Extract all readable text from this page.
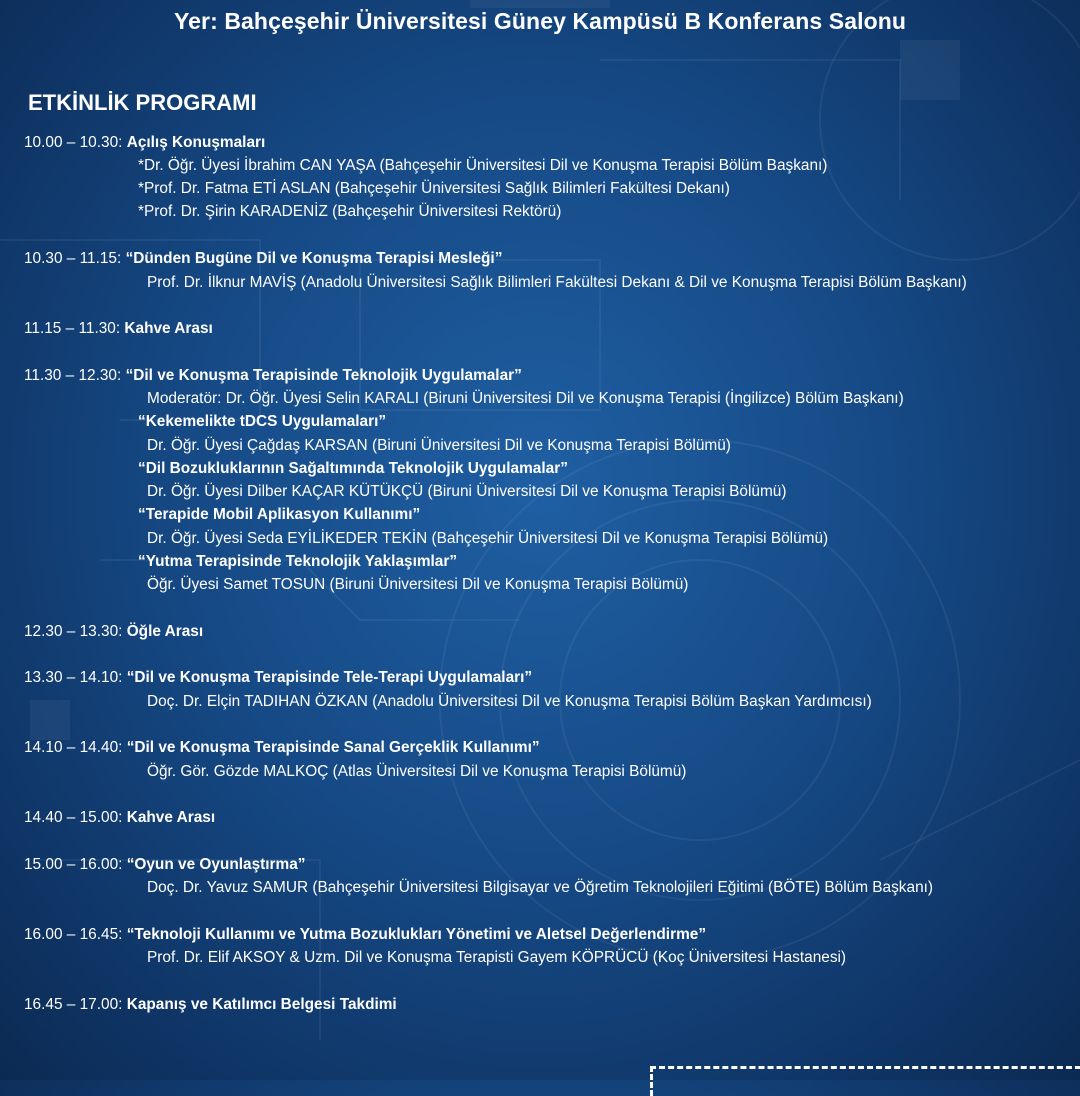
Yer: Bahçeşehir Üniversitesi Güney Kampüsü B Konferans Salonu
ETKİNLİK PROGRAMI
10.00 – 10.30: Açılış Konuşmaları
*Dr. Öğr. Üyesi İbrahim CAN YAŞA (Bahçeşehir Üniversitesi Dil ve Konuşma Terapisi Bölüm Başkanı)
*Prof. Dr. Fatma ETİ ASLAN (Bahçeşehir Üniversitesi Sağlık Bilimleri Fakültesi Dekanı)
*Prof. Dr. Şirin KARADENİZ (Bahçeşehir Üniversitesi Rektörü)
10.30 – 11.15: “Dünden Bugüne Dil ve Konuşma Terapisi Mesleği”
Prof. Dr. İlknur MAVİŞ (Anadolu Üniversitesi Sağlık Bilimleri Fakültesi Dekanı & Dil ve Konuşma Terapisi Bölüm Başkanı)
11.15 – 11.30: Kahve Arası
11.30 – 12.30: “Dil ve Konuşma Terapisinde Teknolojik Uygulamalar”
Moderatör: Dr. Öğr. Üyesi Selin KARALI (Biruni Üniversitesi Dil ve Konuşma Terapisi (İngilizce) Bölüm Başkanı)
“Kekemelikte tDCS Uygulamaları”
Dr. Öğr. Üyesi Çağdaş KARSAN (Biruni Üniversitesi Dil ve Konuşma Terapisi Bölümü)
“Dil Bozukluklarının Sağaltımında Teknolojik Uygulamalar”
Dr. Öğr. Üyesi Dilber KAÇAR KÜTÜKÇÜ (Biruni Üniversitesi Dil ve Konuşma Terapisi Bölümü)
“Terapide Mobil Aplikasyon Kullanımı”
Dr. Öğr. Üyesi Seda EYİLİKEDER TEKİN (Bahçeşehir Üniversitesi Dil ve Konuşma Terapisi Bölümü)
“Yutma Terapisinde Teknolojik Yaklaşımlar”
Öğr. Üyesi Samet TOSUN (Biruni Üniversitesi Dil ve Konuşma Terapisi Bölümü)
12.30 – 13.30: Öğle Arası
13.30 – 14.10: “Dil ve Konuşma Terapisinde Tele-Terapi Uygulamaları”
Doç. Dr. Elçin TADIHAN ÖZKAN (Anadolu Üniversitesi Dil ve Konuşma Terapisi Bölüm Başkan Yardımcısı)
14.10 – 14.40: “Dil ve Konuşma Terapisinde Sanal Gerçeklik Kullanımı”
Öğr. Gör. Gözde MALKOÇ (Atlas Üniversitesi Dil ve Konuşma Terapisi Bölümü)
14.40 – 15.00: Kahve Arası
15.00 – 16.00: “Oyun ve Oyunlaştırma”
Doç. Dr. Yavuz SAMUR (Bahçeşehir Üniversitesi Bilgisayar ve Öğretim Teknolojileri Eğitimi (BÖTE) Bölüm Başkanı)
16.00 – 16.45: “Teknoloji Kullanımı ve Yutma Bozuklukları Yönetimi ve Aletsel Değerlendirme”
Prof. Dr. Elif AKSOY & Uzm. Dil ve Konuşma Terapisti Gayem KÖPRÜCÜ (Koç Üniversitesi Hastanesi)
16.45 – 17.00: Kapanış ve Katılımcı Belgesi Takdimi
